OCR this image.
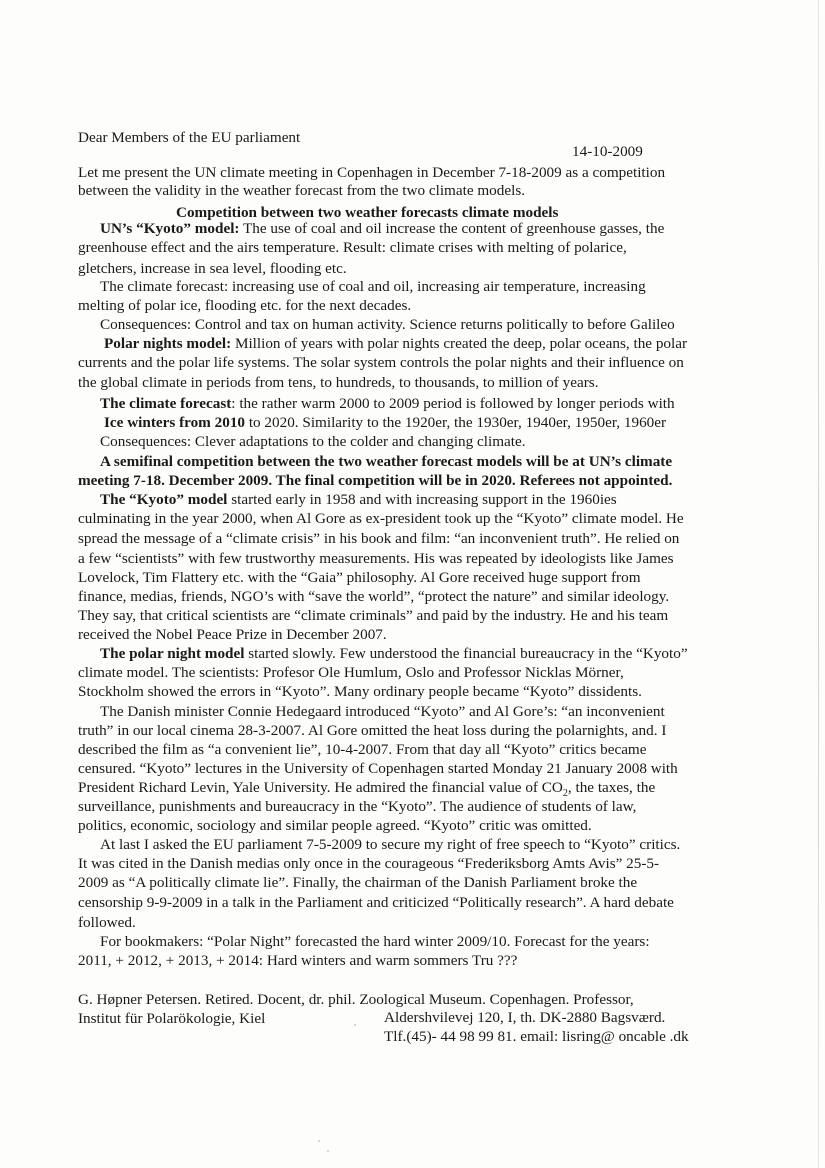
Dear Members of the EU parliament
14-10-2009
Let me present the UN climate meeting in Copenhagen in December 7-18-2009 as a competition
between the validity in the weather forecast from the two climate models.
Competition between two weather forecasts climate models
UN’s “Kyoto” model: The use of coal and oil increase the content of greenhouse gasses, the
greenhouse effect and the airs temperature. Result: climate crises with melting of polarice,
gletchers, increase in sea level, flooding etc.
The climate forecast: increasing use of coal and oil, increasing air temperature, increasing
melting of polar ice, flooding etc. for the next decades.
Consequences: Control and tax on human activity. Science returns politically to before Galileo
Polar nights model: Million of years with polar nights created the deep, polar oceans, the polar
currents and the polar life systems. The solar system controls the polar nights and their influence on
the global climate in periods from tens, to hundreds, to thousands, to million of years.
The climate forecast: the rather warm 2000 to 2009 period is followed by longer periods with
Ice winters from 2010 to 2020. Similarity to the 1920er, the 1930er, 1940er, 1950er, 1960er
Consequences: Clever adaptations to the colder and changing climate.
A semifinal competition between the two weather forecast models will be at UN’s climate
meeting 7-18. December 2009. The final competition will be in 2020. Referees not appointed.
The “Kyoto” model started early in 1958 and with increasing support in the 1960ies
culminating in the year 2000, when Al Gore as ex-president took up the “Kyoto” climate model. He
spread the message of a “climate crisis” in his book and film: “an inconvenient truth”. He relied on
a few “scientists” with few trustworthy measurements. His was repeated by ideologists like James
Lovelock, Tim Flattery etc. with the “Gaia” philosophy. Al Gore received huge support from
finance, medias, friends, NGO’s with “save the world”, “protect the nature” and similar ideology.
They say, that critical scientists are “climate criminals” and paid by the industry. He and his team
received the Nobel Peace Prize in December 2007.
The polar night model started slowly. Few understood the financial bureaucracy in the “Kyoto”
climate model. The scientists: Profesor Ole Humlum, Oslo and Professor Nicklas Mörner,
Stockholm showed the errors in “Kyoto”. Many ordinary people became “Kyoto” dissidents.
The Danish minister Connie Hedegaard introduced “Kyoto” and Al Gore’s: “an inconvenient
truth” in our local cinema 28-3-2007. Al Gore omitted the heat loss during the polarnights, and. I
described the film as “a convenient lie”, 10-4-2007. From that day all “Kyoto” critics became
censured. “Kyoto” lectures in the University of Copenhagen started Monday 21 January 2008 with
President Richard Levin, Yale University. He admired the financial value of $CO_2$, the taxes, the
surveillance, punishments and bureaucracy in the “Kyoto”. The audience of students of law,
politics, economic, sociology and similar people agreed. “Kyoto” critic was omitted.
At last I asked the EU parliament 7-5-2009 to secure my right of free speech to “Kyoto” critics.
It was cited in the Danish medias only once in the courageous “Frederiksborg Amts Avis” 25-5-
2009 as “A politically climate lie”. Finally, the chairman of the Danish Parliament broke the
censorship 9-9-2009 in a talk in the Parliament and criticized “Politically research”. A hard debate
followed.
For bookmakers: “Polar Night” forecasted the hard winter 2009/10. Forecast for the years:
2011, + 2012, + 2013, + 2014: Hard winters and warm sommers Tru ???
G. Høpner Petersen. Retired. Docent, dr. phil. Zoological Museum. Copenhagen. Professor,
Institut für Polarökologie, Kiel	Aldershvilevej 120, I, th. DK-2880 Bagsværd.
Tlf.(45)- 44 98 99 81. email: lisring@ oncable .dk
